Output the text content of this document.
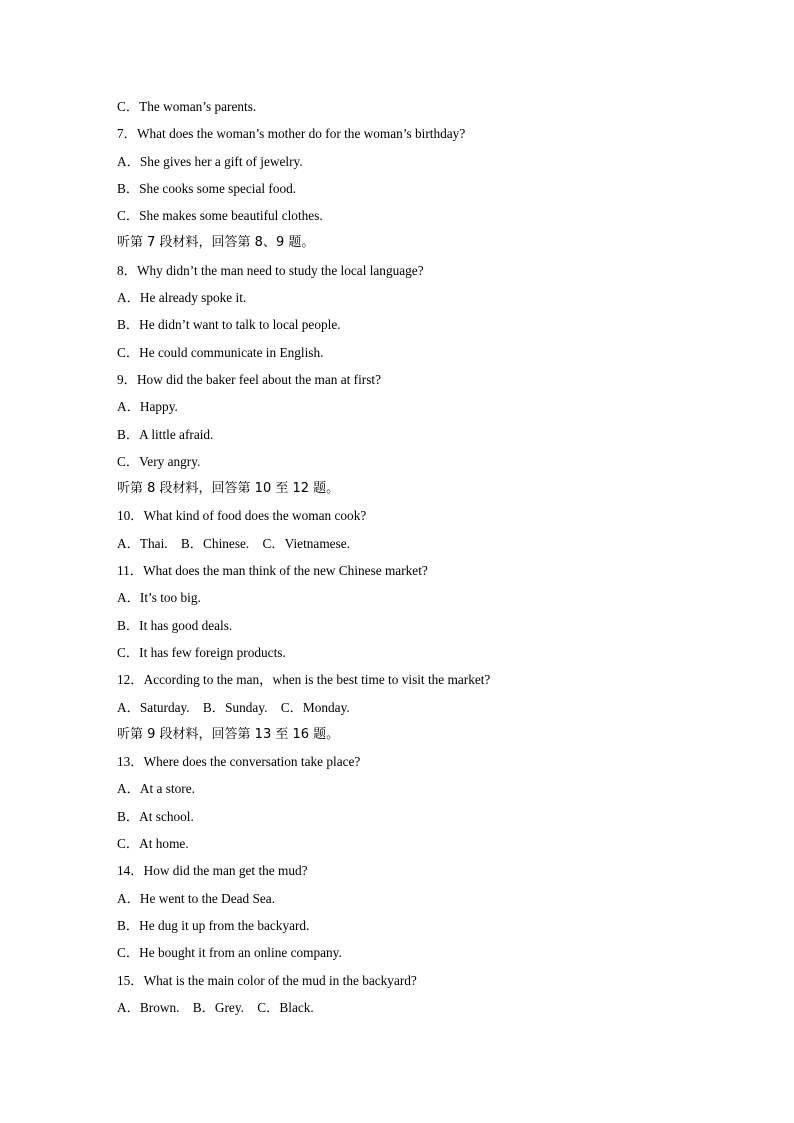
C．The woman’s parents.
7．What does the woman’s mother do for the woman’s birthday?
A．She gives her a gift of jewelry.
B．She cooks some special food.
C．She makes some beautiful clothes.
听第 7 段材料，回答第 8、9 题。
8．Why didn’t the man need to study the local language?
A．He already spoke it.
B．He didn’t want to talk to local people.
C．He could communicate in English.
9．How did the baker feel about the man at first?
A．Happy.
B．A little afraid.
C．Very angry.
听第 8 段材料，回答第 10 至 12 题。
10．What kind of food does the woman cook?
A．Thai.    B．Chinese.    C．Vietnamese.
11．What does the man think of the new Chinese market?
A．It’s too big.
B．It has good deals.
C．It has few foreign products.
12．According to the man，when is the best time to visit the market?
A．Saturday.    B．Sunday.    C．Monday.
听第 9 段材料，回答第 13 至 16 题。
13．Where does the conversation take place?
A．At a store.
B．At school.
C．At home.
14．How did the man get the mud?
A．He went to the Dead Sea.
B．He dug it up from the backyard.
C．He bought it from an online company.
15．What is the main color of the mud in the backyard?
A．Brown.    B．Grey.    C．Black.
